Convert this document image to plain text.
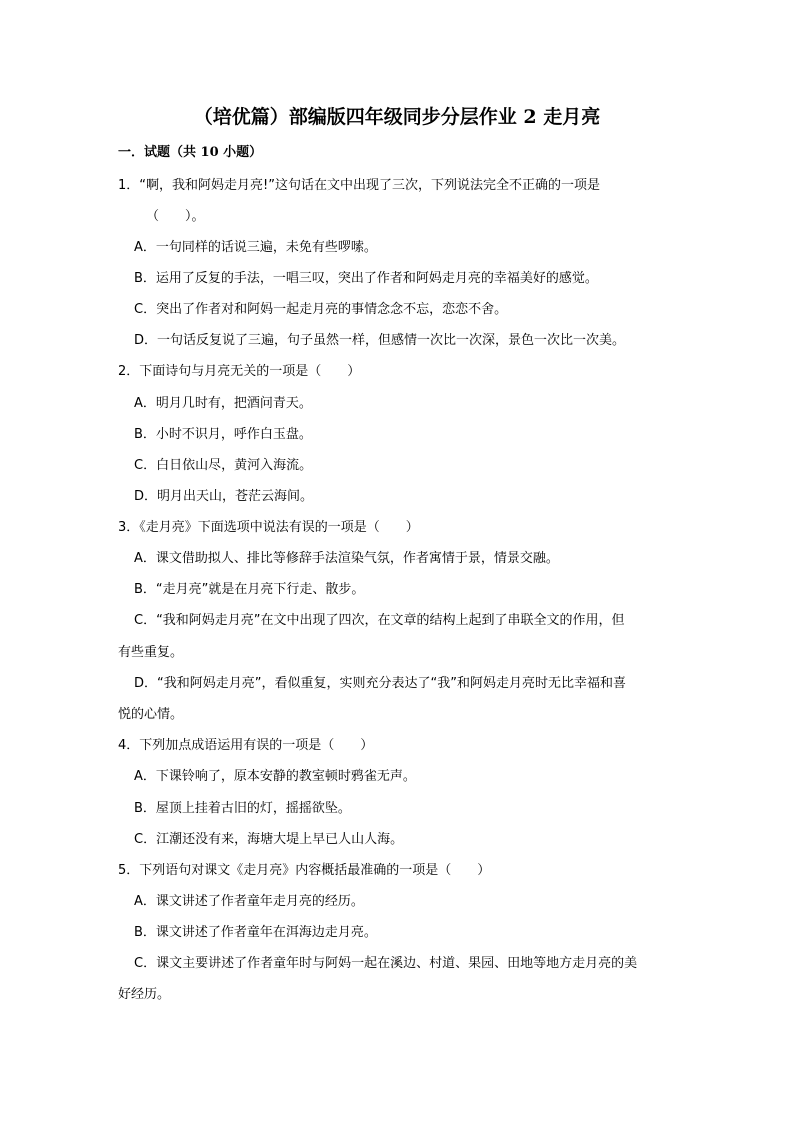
（培优篇）部编版四年级同步分层作业 2 走月亮
一．试题（共 10 小题）
1．“啊，我和阿妈走月亮!”这句话在文中出现了三次，下列说法完全不正确的一项是
（　　）。
A．一句同样的话说三遍，未免有些啰嗦。
B．运用了反复的手法，一唱三叹，突出了作者和阿妈走月亮的幸福美好的感觉。
C．突出了作者对和阿妈一起走月亮的事情念念不忘，恋恋不舍。
D．一句话反复说了三遍，句子虽然一样，但感情一次比一次深，景色一次比一次美。
2．下面诗句与月亮无关的一项是（　　）
A．明月几时有，把酒问青天。
B．小时不识月，呼作白玉盘。
C．白日依山尽，黄河入海流。
D．明月出天山，苍茫云海间。
3．《走月亮》下面选项中说法有误的一项是（　　）
A．课文借助拟人、排比等修辞手法渲染气氛，作者寓情于景，情景交融。
B．“走月亮”就是在月亮下行走、散步。
C．“我和阿妈走月亮”在文中出现了四次，在文章的结构上起到了串联全文的作用，但
有些重复。
D．“我和阿妈走月亮”，看似重复，实则充分表达了“我”和阿妈走月亮时无比幸福和喜
悦的心情。
4．下列加点成语运用有误的一项是（　　）
A．下课铃响了，原本安静的教室顿时鸦雀无声。
B．屋顶上挂着古旧的灯，摇摇欲坠。
C．江潮还没有来，海塘大堤上早已人山人海。
5．下列语句对课文《走月亮》内容概括最准确的一项是（　　）
A．课文讲述了作者童年走月亮的经历。
B．课文讲述了作者童年在洱海边走月亮。
C．课文主要讲述了作者童年时与阿妈一起在溪边、村道、果园、田地等地方走月亮的美
好经历。
